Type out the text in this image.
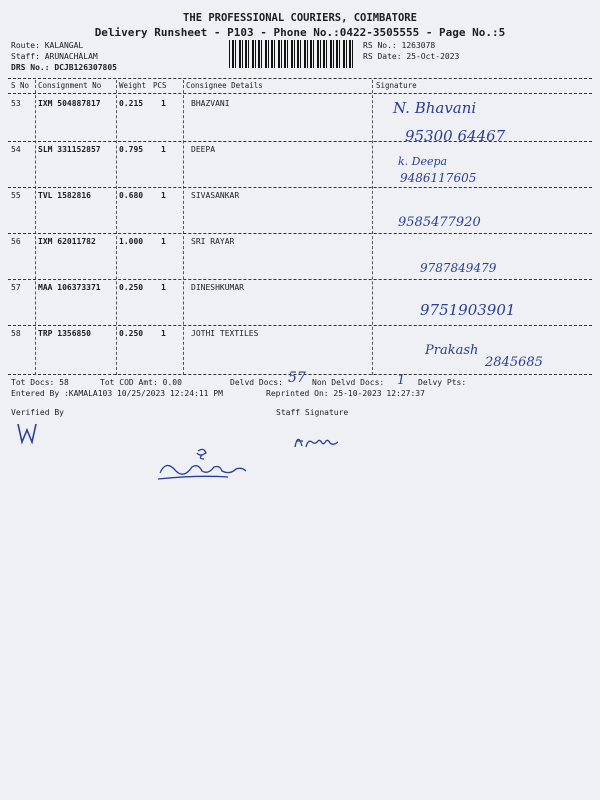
THE PROFESSIONAL COURIERS, COIMBATORE
Delivery Runsheet - P103 - Phone No.:0422-3505555 - Page No.:5
Route: KALANGAL
Staff: ARUNACHALAM
DRS No.: DCJB126307805
RS No.: 1263078
RS Date: 25-Oct-2023
S No Consignment No Weight PCS	Consignee Details	Signature
53 IXM 504887817 0.215 1	BHAZVANI	N. Bhavani
95300 64467
54 SLM 331152857 0.795 1	DEEPA
k. Deepa
9486117605
55 TVL 1582816	0.680 1	SIVASANKAR
9585477920
56 IXM 62011782	1.000 1	SRI RAYAR
9787849479
57 MAA 106373371 0.250 1	DINESHKUMAR
9751903901
58 TRP 1356850	0.250 1	JOTHI TEXTILES
Prakash
2845685
Tot Docs: 58	Tot COD Amt: 0.00	Delvd Docs: 57 Non Delvd Docs: 1 Delvy Pts:
Entered By :KAMALA103 10/25/2023 12:24:11 PM	Reprinted On: 25-10-2023 12:27:37
Verified By	Staff Signature
